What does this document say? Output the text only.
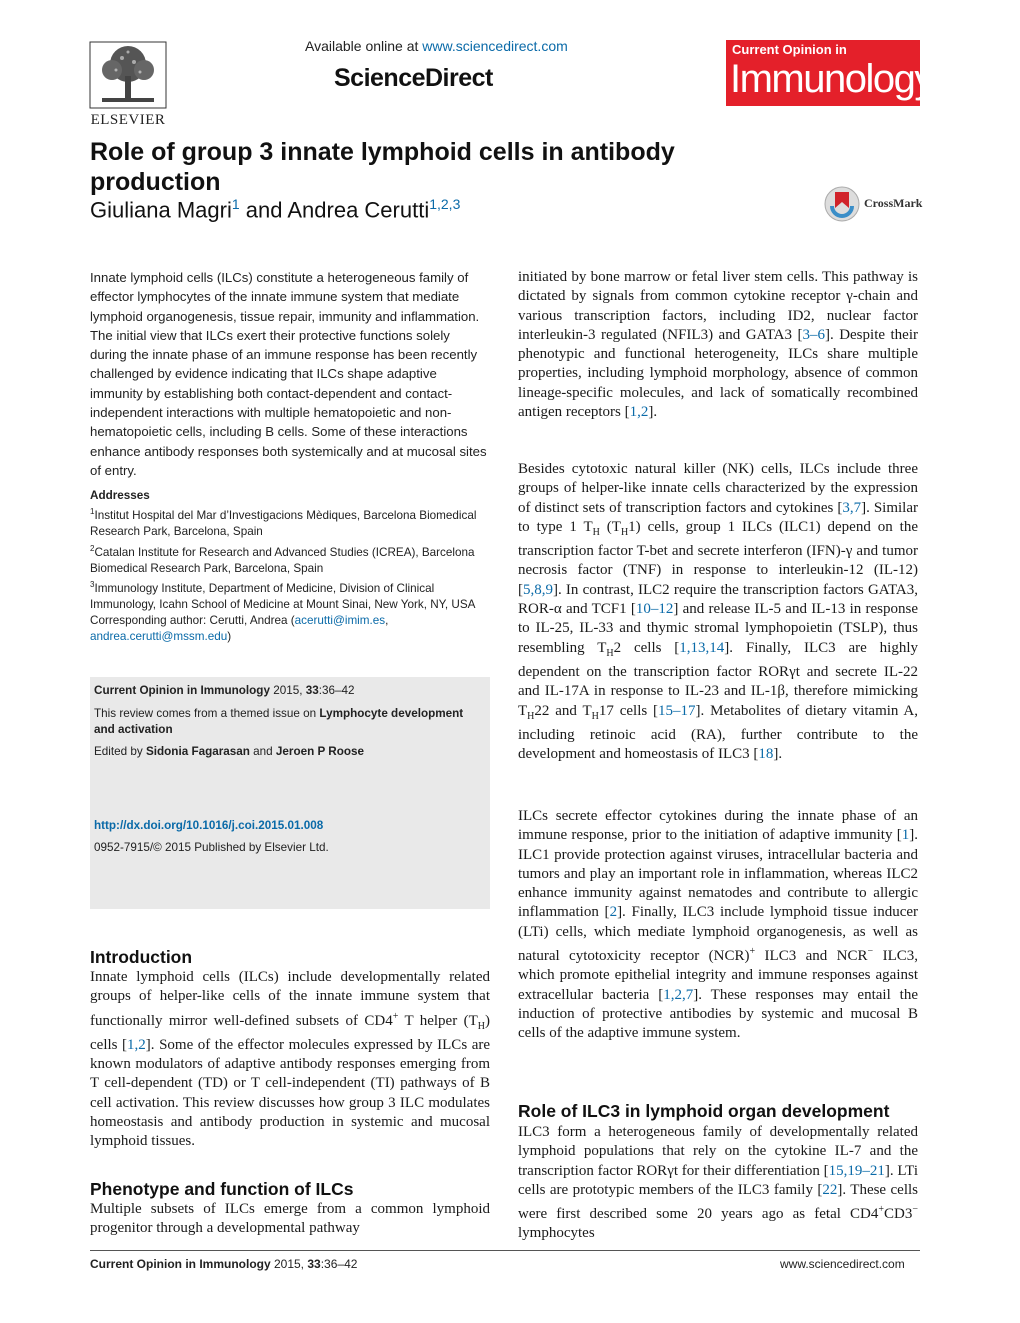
ELSEVIER
Available online at www.sciencedirect.com
ScienceDirect
Current Opinion in
Immunology
Role of group 3 innate lymphoid cells in antibody production
Giuliana Magri$^1$ and Andrea Cerutti$^{1,2,3}$	CrossMark
Innate lymphoid cells (ILCs) constitute a heterogeneous family of effector lymphocytes of the innate immune system that mediate lymphoid organogenesis, tissue repair, immunity and inflammation. The initial view that ILCs exert their protective functions solely during the innate phase of an immune response has been recently challenged by evidence indicating that ILCs shape adaptive immunity by establishing both contact-dependent and contact-independent interactions with multiple hematopoietic and non-hematopoietic cells, including B cells. Some of these interactions enhance antibody responses both systemically and at mucosal sites of entry.
Addresses
$^1$Institut Hospital del Mar d’Investigacions Mèdiques, Barcelona Biomedical Research Park, Barcelona, Spain
$^2$Catalan Institute for Research and Advanced Studies (ICREA), Barcelona Biomedical Research Park, Barcelona, Spain
$^3$Immunology Institute, Department of Medicine, Division of Clinical Immunology, Icahn School of Medicine at Mount Sinai, New York, NY, USA
Corresponding author: Cerutti, Andrea (acerutti@imim.es,
andrea.cerutti@mssm.edu)
Current Opinion in Immunology 2015, 33:36–42
This review comes from a themed issue on Lymphocyte development and activation
Edited by Sidonia Fagarasan and Jeroen P Roose
http://dx.doi.org/10.1016/j.coi.2015.01.008
0952-7915/© 2015 Published by Elsevier Ltd.
Introduction
Innate lymphoid cells (ILCs) include developmentally related groups of helper-like cells of the innate immune system that functionally mirror well-defined subsets of CD4+ T helper $(T_H)$ cells [1,2]. Some of the effector molecules expressed by ILCs are known modulators of adaptive antibody responses emerging from T cell-dependent (TD) or T cell-independent (TI) pathways of B cell activation. This review discusses how group 3 ILC modulates homeostasis and antibody production in systemic and mucosal lymphoid tissues.
Phenotype and function of ILCs
Multiple subsets of ILCs emerge from a common lymphoid progenitor through a developmental pathway
initiated by bone marrow or fetal liver stem cells. This pathway is dictated by signals from common cytokine receptor γ-chain and various transcription factors, including ID2, nuclear factor interleukin-3 regulated (NFIL3) and GATA3 [3–6]. Despite their phenotypic and functional heterogeneity, ILCs share multiple properties, including lymphoid morphology, absence of common lineage-specific molecules, and lack of somatically recombined antigen receptors [1,2].
Besides cytotoxic natural killer (NK) cells, ILCs include three groups of helper-like innate cells characterized by the expression of distinct sets of transcription factors and cytokines [3,7]. Similar to type 1 $T_H$ $(T_H1)$ cells, group 1 ILCs (ILC1) depend on the transcription factor T-bet and secrete interferon (IFN)-γ and tumor necrosis factor (TNF) in response to interleukin-12 (IL-12) [5,8,9]. In contrast, ILC2 require the transcription factors GATA3, ROR-α and TCF1 [10–12] and release IL-5 and IL-13 in response to IL-25, IL-33 and thymic stromal lymphopoietin (TSLP), thus resembling $T_H2$ cells [1,13,14]. Finally, ILC3 are highly dependent on the transcription factor RORγt and secrete IL-22 and IL-17A in response to IL-23 and IL-1β, therefore mimicking $T_H22$ and $T_H17$ cells [15–17]. Metabolites of dietary vitamin A, including retinoic acid (RA), further contribute to the development and homeostasis of ILC3 [18].
ILCs secrete effector cytokines during the innate phase of an immune response, prior to the initiation of adaptive immunity [1]. ILC1 provide protection against viruses, intracellular bacteria and tumors and play an important role in inflammation, whereas ILC2 enhance immunity against nematodes and contribute to allergic inflammation [2]. Finally, ILC3 include lymphoid tissue inducer (LTi) cells, which mediate lymphoid organogenesis, as well as natural cytotoxicity receptor (NCR)+ ILC3 and NCR− ILC3, which promote epithelial integrity and immune responses against extracellular bacteria [1,2,7]. These responses may entail the induction of protective antibodies by systemic and mucosal B cells of the adaptive immune system.
Role of ILC3 in lymphoid organ development
ILC3 form a heterogeneous family of developmentally related lymphoid populations that rely on the cytokine IL-7 and the transcription factor RORγt for their differentiation [15,19–21]. LTi cells are prototypic members of the ILC3 family [22]. These cells were first described some 20 years ago as fetal CD4+CD3− lymphocytes
Current Opinion in Immunology 2015, 33:36–42	www.sciencedirect.com
